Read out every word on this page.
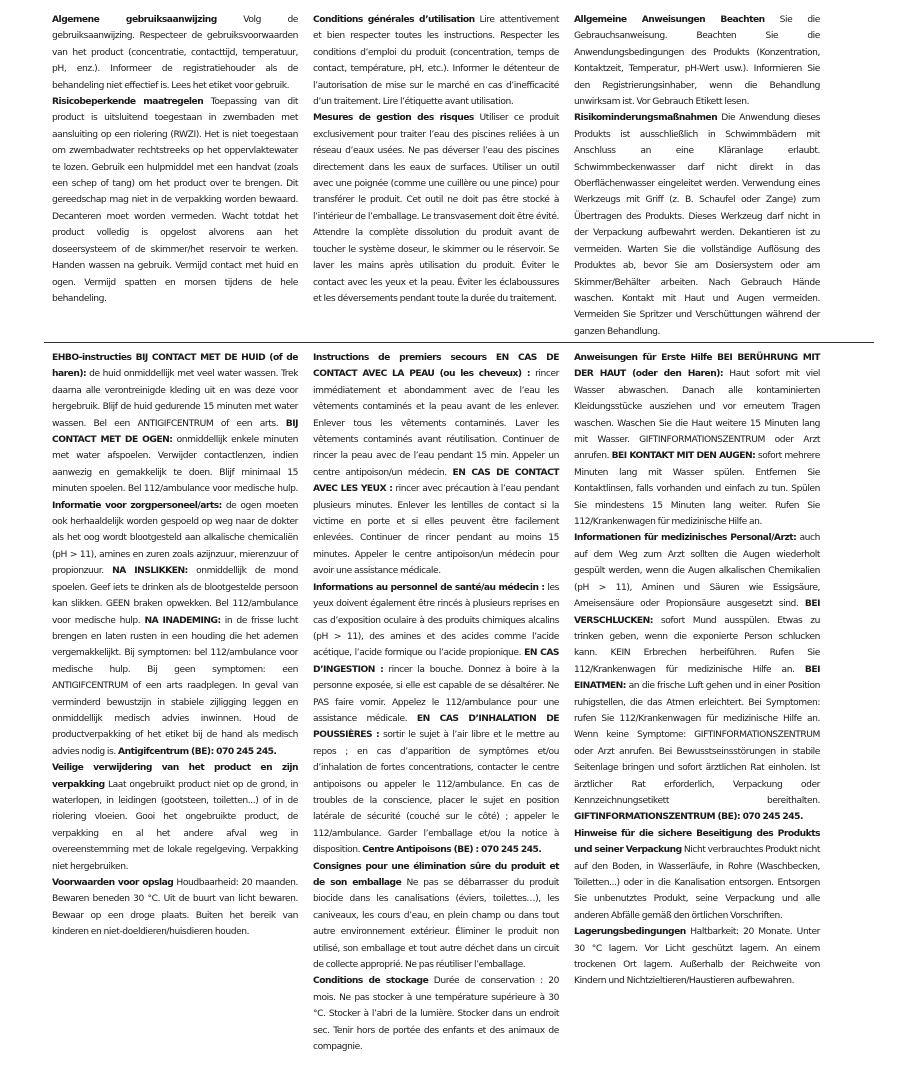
Algemene gebruiksaanwijzing	Volg de gebruiksaanwijzing. Respecteer de gebruiksvoorwaarden van het product (concentratie, contacttijd, temperatuur, pH, enz.). Informeer de registratiehouder als de behandeling niet effectief is. Lees het etiket voor gebruik.

Risicobeperkende maatregelen Toepassing van dit product is uitsluitend toegestaan in zwembaden met aansluiting op een riolering (RWZI). Het is niet toegestaan om zwembadwater rechtstreeks op het oppervlaktewater te lozen. Gebruik een hulpmiddel met een handvat (zoals een schep of tang) om het product over te brengen. Dit gereedschap mag niet in de verpakking worden bewaard. Decanteren moet worden vermeden. Wacht totdat het product volledig is opgelost alvorens aan het doseersysteem of de skimmer/het reservoir te werken. Handen wassen na gebruik. Vermijd contact met huid en ogen. Vermijd spatten en morsen tijdens de hele behandeling.

Conditions générales d’utilisation Lire attentivement et bien respecter toutes les instructions. Respecter les conditions d’emploi du produit (concentration, temps de contact, température, pH, etc.). Informer le détenteur de l’autorisation de mise sur le marché en cas d’inefficacité d’un traitement. Lire l’étiquette avant utilisation.

Mesures de gestion des risques Utiliser ce produit exclusivement pour traiter l’eau des piscines reliées à un réseau d’eaux usées. Ne pas déverser l’eau des piscines directement dans les eaux de surfaces. Utiliser un outil avec une poignée (comme une cuillère ou une pince) pour transférer le produit. Cet outil ne doit pas être stocké à l’intérieur de l’emballage. Le transvasement doit être évité. Attendre la complète dissolution du produit avant de toucher le système doseur, le skimmer ou le réservoir. Se laver les mains après utilisation du produit. Éviter le contact avec les yeux et la peau. Éviter les éclaboussures et les déversements pendant toute la durée du traitement.

Allgemeine Anweisungen Beachten Sie die Gebrauchsanweisung. Beachten Sie die Anwendungsbedingungen des Produkts (Konzentration, Kontaktzeit, Temperatur, pH-Wert usw.). Informieren Sie den Registrierungsinhaber, wenn die Behandlung unwirksam ist. Vor Gebrauch Etikett lesen.

Risikominderungsmaßnahmen Die Anwendung dieses Produkts ist ausschließlich in Schwimmbädern mit Anschluss an eine Kläranlage erlaubt. Schwimmbeckenwasser darf nicht direkt in das Oberflächenwasser eingeleitet werden. Verwendung eines Werkzeugs mit Griff (z. B. Schaufel oder Zange) zum Übertragen des Produkts. Dieses Werkzeug darf nicht in der Verpackung aufbewahrt werden. Dekantieren ist zu vermeiden. Warten Sie die vollständige Auflösung des Produktes ab, bevor Sie am Dosiersystem oder am Skimmer/Behälter arbeiten. Nach Gebrauch Hände waschen. Kontakt mit Haut und Augen vermeiden. Vermeiden Sie Spritzer und Verschüttungen während der ganzen Behandlung.

EHBO-instructies BIJ CONTACT MET DE HUID (of de haren): de huid onmiddellijk met veel water wassen. Trek daarna alle verontreinigde kleding uit en was deze voor hergebruik. Blijf de huid gedurende 15 minuten met water wassen. Bel een ANTIGIFCENTRUM of een arts. BIJ CONTACT MET DE OGEN: onmiddellijk enkele minuten met water afspoelen. Verwijder contactlenzen, indien aanwezig en gemakkelijk te doen. Blijf minimaal 15 minuten spoelen. Bel 112/ambulance voor medische hulp. Informatie voor zorgpersoneel/arts: de ogen moeten ook herhaaldelijk worden gespoeld op weg naar de dokter als het oog wordt blootgesteld aan alkalische chemicaliën (pH > 11), amines en zuren zoals azijnzuur, mierenzuur of propionzuur. NA INSLIKKEN: onmiddellijk de mond spoelen. Geef iets te drinken als de blootgestelde persoon kan slikken. GEEN braken opwekken. Bel 112/ambulance voor medische hulp. NA INADEMING: in de frisse lucht brengen en laten rusten in een houding die het ademen vergemakkelijkt. Bij symptomen: bel 112/ambulance voor medische hulp. Bij geen symptomen: een ANTIGIFCENTRUM of een arts raadplegen. In geval van verminderd bewustzijn in stabiele zijligging leggen en onmiddellijk medisch advies inwinnen. Houd de productverpakking of het etiket bij de hand als medisch advies nodig is. Antigifcentrum (BE): 070 245 245.

Veilige verwijdering van het product en zijn verpakking Laat ongebruikt product niet op de grond, in waterlopen, in leidingen (gootsteen, toiletten...) of in de riolering vloeien. Gooi het ongebruikte product, de verpakking en al het andere afval weg in overeenstemming met de lokale regelgeving. Verpakking niet hergebruiken.

Voorwaarden voor opslag Houdbaarheid: 20 maanden. Bewaren beneden 30 °C. Uit de buurt van licht bewaren. Bewaar op een droge plaats. Buiten het bereik van kinderen en niet-doeldieren/huisdieren houden.

Instructions de premiers secours EN CAS DE CONTACT AVEC LA PEAU (ou les cheveux) : rincer immédiatement et abondamment avec de l’eau les vêtements contaminés et la peau avant de les enlever. Enlever tous les vêtements contaminés. Laver les vêtements contaminés avant réutilisation. Continuer de rincer la peau avec de l’eau pendant 15 min. Appeler un centre antipoison/un médecin. EN CAS DE CONTACT AVEC LES YEUX : rincer avec précaution à l’eau pendant plusieurs minutes. Enlever les lentilles de contact si la victime en porte et si elles peuvent être facilement enlevées. Continuer de rincer pendant au moins 15 minutes. Appeler le centre antipoison/un médecin pour avoir une assistance médicale.

Informations au personnel de santé/au médecin : les yeux doivent également être rincés à plusieurs reprises en cas d’exposition oculaire à des produits chimiques alcalins (pH > 11), des amines et des acides comme l’acide acétique, l’acide formique ou l’acide propionique. EN CAS D’INGESTION : rincer la bouche. Donnez à boire à la personne exposée, si elle est capable de se désaltérer. Ne PAS faire vomir. Appelez le 112/ambulance pour une assistance médicale. EN CAS D’INHALATION DE POUSSIÈRES : sortir le sujet à l’air libre et le mettre au repos ; en cas d’apparition de symptômes et/ou d’inhalation de fortes concentrations, contacter le centre antipoisons ou appeler le 112/ambulance. En cas de troubles de la conscience, placer le sujet en position latérale de sécurité (couché sur le côté) ; appeler le 112/ambulance. Garder l’emballage et/ou la notice à disposition. Centre Antipoisons (BE) : 070 245 245.

Consignes pour une élimination sûre du produit et de son emballage Ne pas se débarrasser du produit biocide dans les canalisations (éviers, toilettes…), les caniveaux, les cours d’eau, en plein champ ou dans tout autre environnement extérieur. Éliminer le produit non utilisé, son emballage et tout autre déchet dans un circuit de collecte approprié. Ne pas réutiliser l’emballage.

Conditions de stockage Durée de conservation : 20 mois. Ne pas stocker à une température supérieure à 30 °C. Stocker à l’abri de la lumière. Stocker dans un endroit sec. Tenir hors de portée des enfants et des animaux de compagnie.

Anweisungen für Erste Hilfe BEI BERÜHRUNG MIT DER HAUT (oder den Haren): Haut sofort mit viel Wasser abwaschen. Danach alle kontaminierten Kleidungsstücke ausziehen und vor erneutem Tragen waschen. Waschen Sie die Haut weitere 15 Minuten lang mit Wasser. GIFTINFORMATIONSZENTRUM oder Arzt anrufen. BEI KONTAKT MIT DEN AUGEN: sofort mehrere Minuten lang mit Wasser spülen. Entfernen Sie Kontaktlinsen, falls vorhanden und einfach zu tun. Spülen Sie mindestens 15 Minuten lang weiter. Rufen Sie 112/Krankenwagen für medizinische Hilfe an.

Informationen für medizinisches Personal/Arzt: auch auf dem Weg zum Arzt sollten die Augen wiederholt gespült werden, wenn die Augen alkalischen Chemikalien (pH > 11), Aminen und Säuren wie Essigsäure, Ameisensäure oder Propionsäure ausgesetzt sind. BEI VERSCHLUCKEN: sofort Mund ausspülen. Etwas zu trinken geben, wenn die exponierte Person schlucken kann. KEIN Erbrechen herbeiführen. Rufen Sie 112/Krankenwagen für medizinische Hilfe an. BEI EINATMEN: an die frische Luft gehen und in einer Position ruhigstellen, die das Atmen erleichtert. Bei Symptomen: rufen Sie 112/Krankenwagen für medizinische Hilfe an. Wenn keine Symptome: GIFTINFORMATIONSZENTRUM oder Arzt anrufen. Bei Bewusstseinsstörungen in stabile Seitenlage bringen und sofort ärztlichen Rat einholen. Ist ärztlicher Rat erforderlich, Verpackung oder Kennzeichnungsetikett bereithalten. GIFTINFORMATIONSZENTRUM (BE): 070 245 245.

Hinweise für die sichere Beseitigung des Produkts und seiner Verpackung Nicht verbrauchtes Produkt nicht auf den Boden, in Wasserläufe, in Rohre (Waschbecken, Toiletten...) oder in die Kanalisation entsorgen. Entsorgen Sie unbenutztes Produkt, seine Verpackung und alle anderen Abfälle gemäß den örtlichen Vorschriften.

Lagerungsbedingungen Haltbarkeit: 20 Monate. Unter 30 °C lagern. Vor Licht geschützt lagern. An einem trockenen Ort lagern. Außerhalb der Reichweite von Kindern und Nichtzieltieren/Haustieren aufbewahren.
